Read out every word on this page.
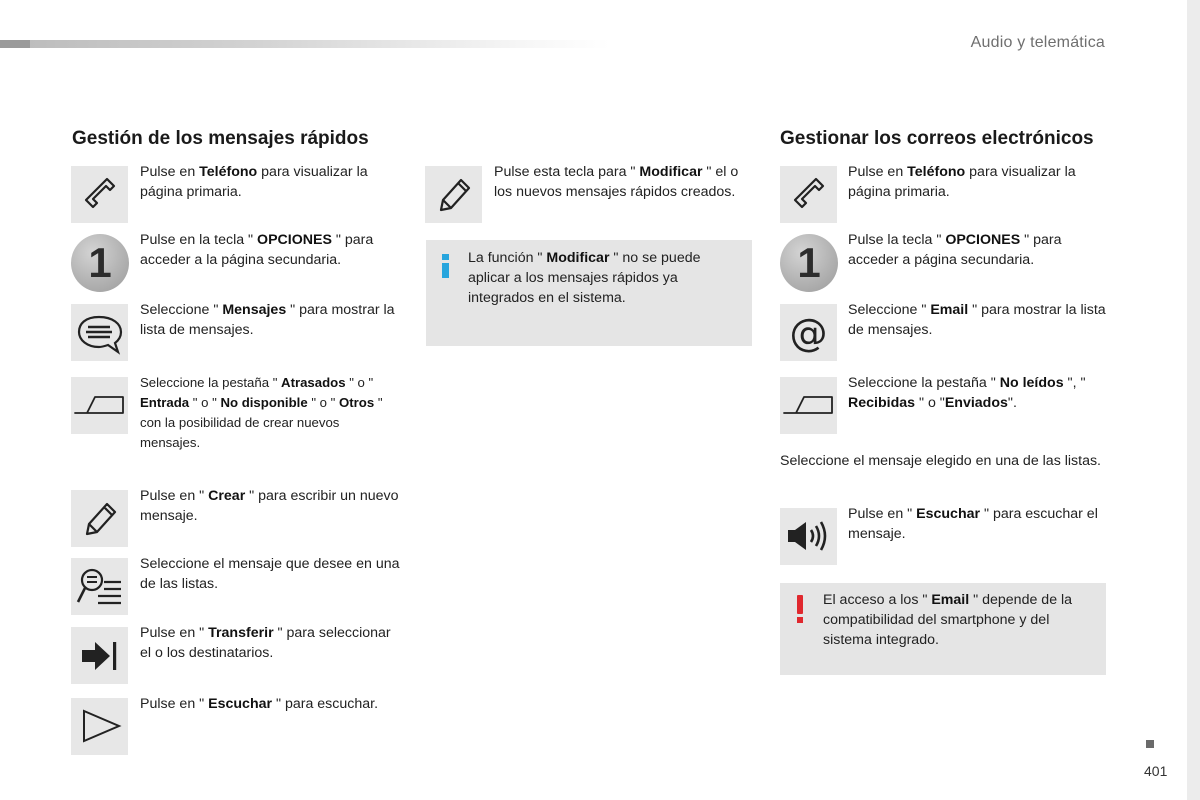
Audio y telemática
Gestión de los mensajes rápidos
Pulse en Teléfono para visualizar la página primaria.
1	Pulse en la tecla " OPCIONES " para acceder a la página secundaria.
Seleccione " Mensajes " para mostrar la lista de mensajes.
Seleccione la pestaña " Atrasados " o " Entrada " o " No disponible " o " Otros " con la posibilidad de crear nuevos mensajes.
Pulse en " Crear " para escribir un nuevo mensaje.
Seleccione el mensaje que desee en una de las listas.
Pulse en " Transferir " para seleccionar el o los destinatarios.
Pulse en " Escuchar " para escuchar.
Pulse esta tecla para " Modificar " el o los nuevos mensajes rápidos creados.
La función " Modificar " no se puede aplicar a los mensajes rápidos ya integrados en el sistema.
Gestionar los correos electrónicos
Pulse en Teléfono para visualizar la página primaria.
1	Pulse la tecla " OPCIONES " para acceder a página secundaria.
@
Seleccione " Email " para mostrar la lista de mensajes.
Seleccione la pestaña " No leídos ", " Recibidas " o "Enviados".
Seleccione el mensaje elegido en una de las listas.
Pulse en " Escuchar " para escuchar el mensaje.
El acceso a los " Email " depende de la compatibilidad del smartphone y del sistema integrado.
401
